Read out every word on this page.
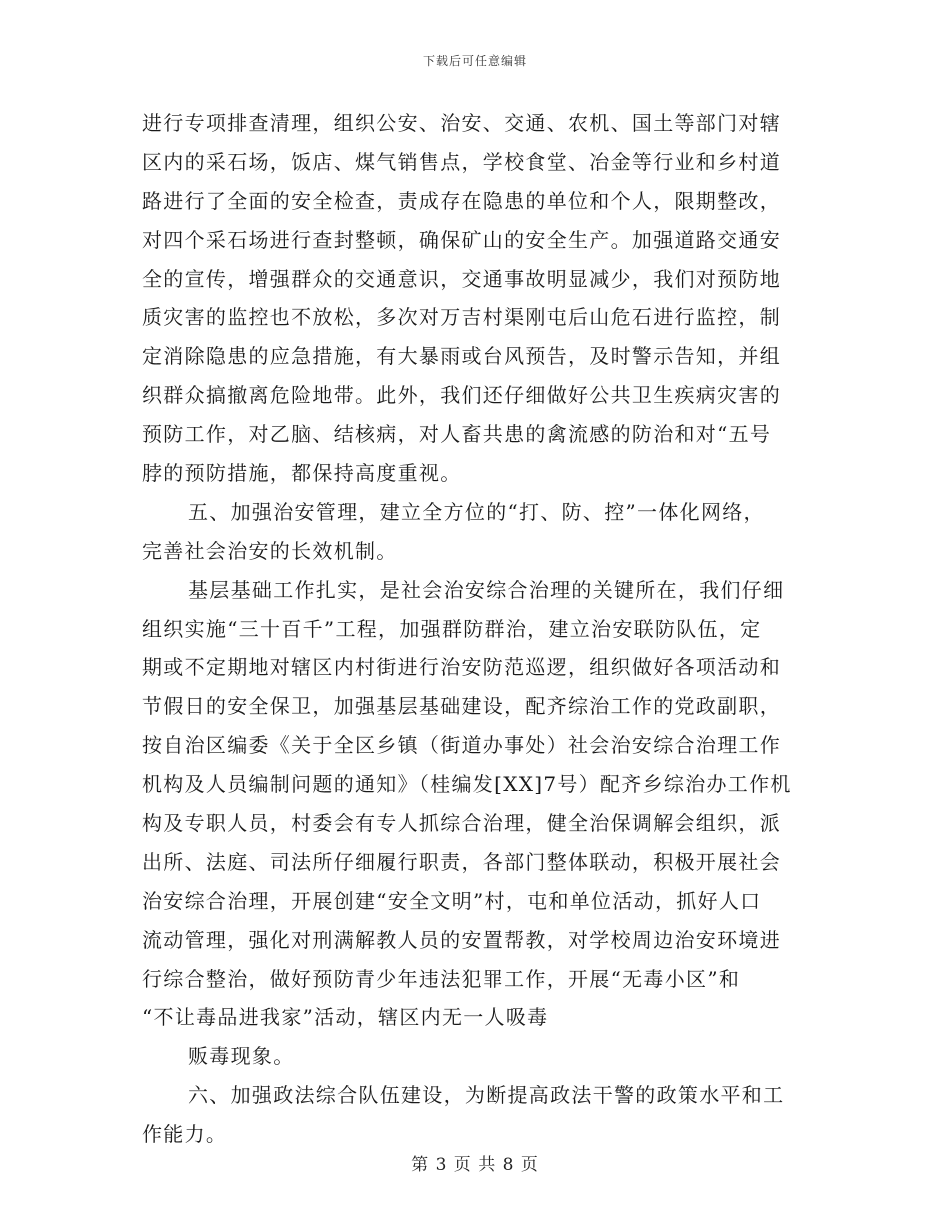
下载后可任意编辑
进行专项排查清理，组织公安、治安、交通、农机、国土等部门对辖
区内的采石场，饭店、煤气销售点，学校食堂、冶金等行业和乡村道
路进行了全面的安全检查，责成存在隐患的单位和个人，限期整改，
对四个采石场进行查封整顿，确保矿山的安全生产。加强道路交通安
全的宣传，增强群众的交通意识，交通事故明显减少，我们对预防地
质灾害的监控也不放松，多次对万吉村渠刚屯后山危石进行监控，制
定消除隐患的应急措施，有大暴雨或台风预告，及时警示告知，并组
织群众搞撤离危险地带。此外，我们还仔细做好公共卫生疾病灾害的
预防工作，对乙脑、结核病，对人畜共患的禽流感的防治和对“五号
脖的预防措施，都保持高度重视。
五、加强治安管理，建立全方位的“打、防、控”一体化网络，
完善社会治安的长效机制。
基层基础工作扎实，是社会治安综合治理的关键所在，我们仔细
组织实施“三十百千”工程，加强群防群治，建立治安联防队伍，定
期或不定期地对辖区内村街进行治安防范巡逻，组织做好各项活动和
节假日的安全保卫，加强基层基础建设，配齐综治工作的党政副职，
按自治区编委《关于全区乡镇（街道办事处）社会治安综合治理工作
机构及人员编制问题的通知》（桂编发[XX]7号）配齐乡综治办工作机
构及专职人员，村委会有专人抓综合治理，健全治保调解会组织，派
出所、法庭、司法所仔细履行职责，各部门整体联动，积极开展社会
治安综合治理，开展创建“安全文明”村，屯和单位活动，抓好人口
流动管理，强化对刑满解教人员的安置帮教，对学校周边治安环境进
行综合整治，做好预防青少年违法犯罪工作，开展“无毒小区”和
“不让毒品进我家”活动，辖区内无一人吸毒
贩毒现象。
六、加强政法综合队伍建设，为断提高政法干警的政策水平和工
作能力。
第 3 页 共 8 页
